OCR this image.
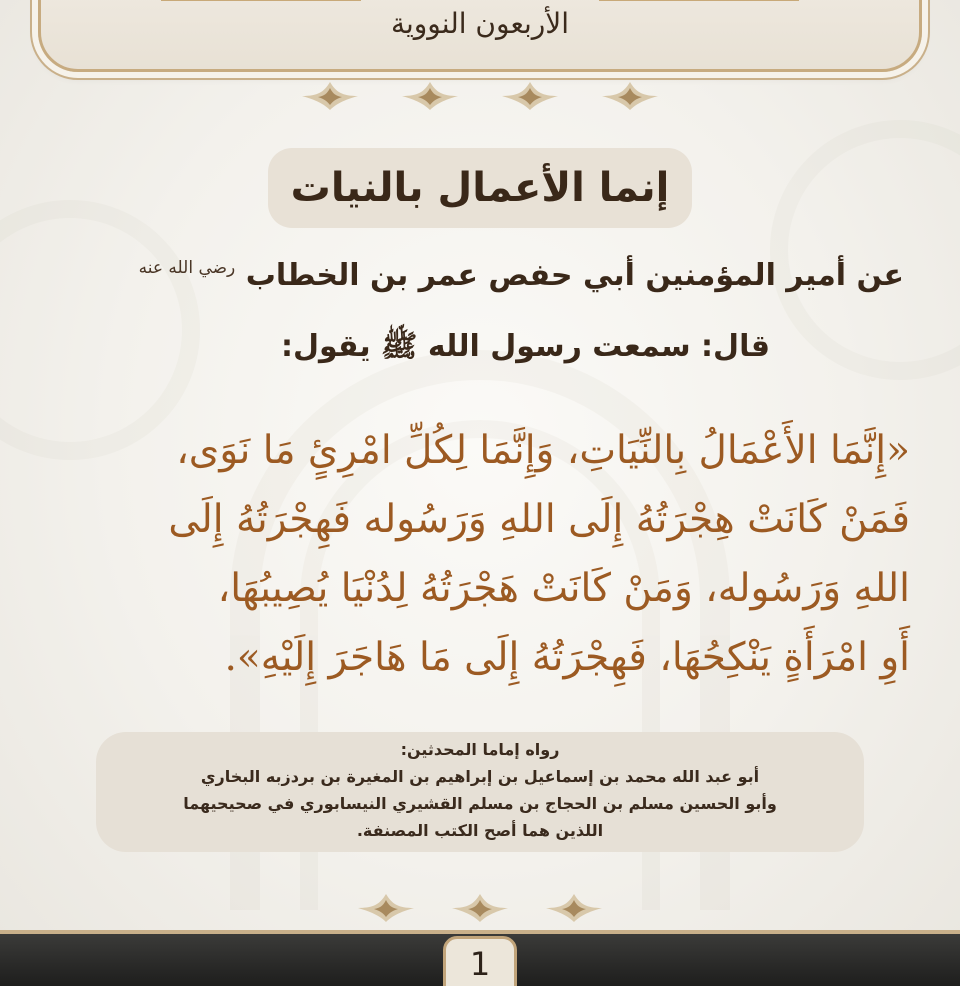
الأربعون النووية
إنما الأعمال بالنيات
عن أمير المؤمنين أبي حفص عمر بن الخطاب $^{رضي الله عنه}$
قال: سمعت رسول الله ﷺ يقول:
«إِنَّمَا الأَعْمَالُ بِالنِّيَاتِ، وَإِنَّمَا لِكُلِّ امْرِئٍ مَا نَوَى،
فَمَنْ كَانَتْ هِجْرَتُهُ إِلَى اللهِ وَرَسُوله فَهِجْرَتُهُ إِلَى
اللهِ وَرَسُوله، وَمَنْ كَانَتْ هَجْرَتُهُ لِدُنْيَا يُصِيبُهَا،
أَوِ امْرَأَةٍ يَنْكِحُهَا، فَهِجْرَتُهُ إِلَى مَا هَاجَرَ إِلَيْهِ».
رواه إماما المحدثين:
أبو عبد الله محمد بن إسماعيل بن إبراهيم بن المغيرة بن بردزبه البخاري
وأبو الحسين مسلم بن الحجاج بن مسلم القشيري النيسابوري في صحيحيهما
اللذين هما أصح الكتب المصنفة.
1
